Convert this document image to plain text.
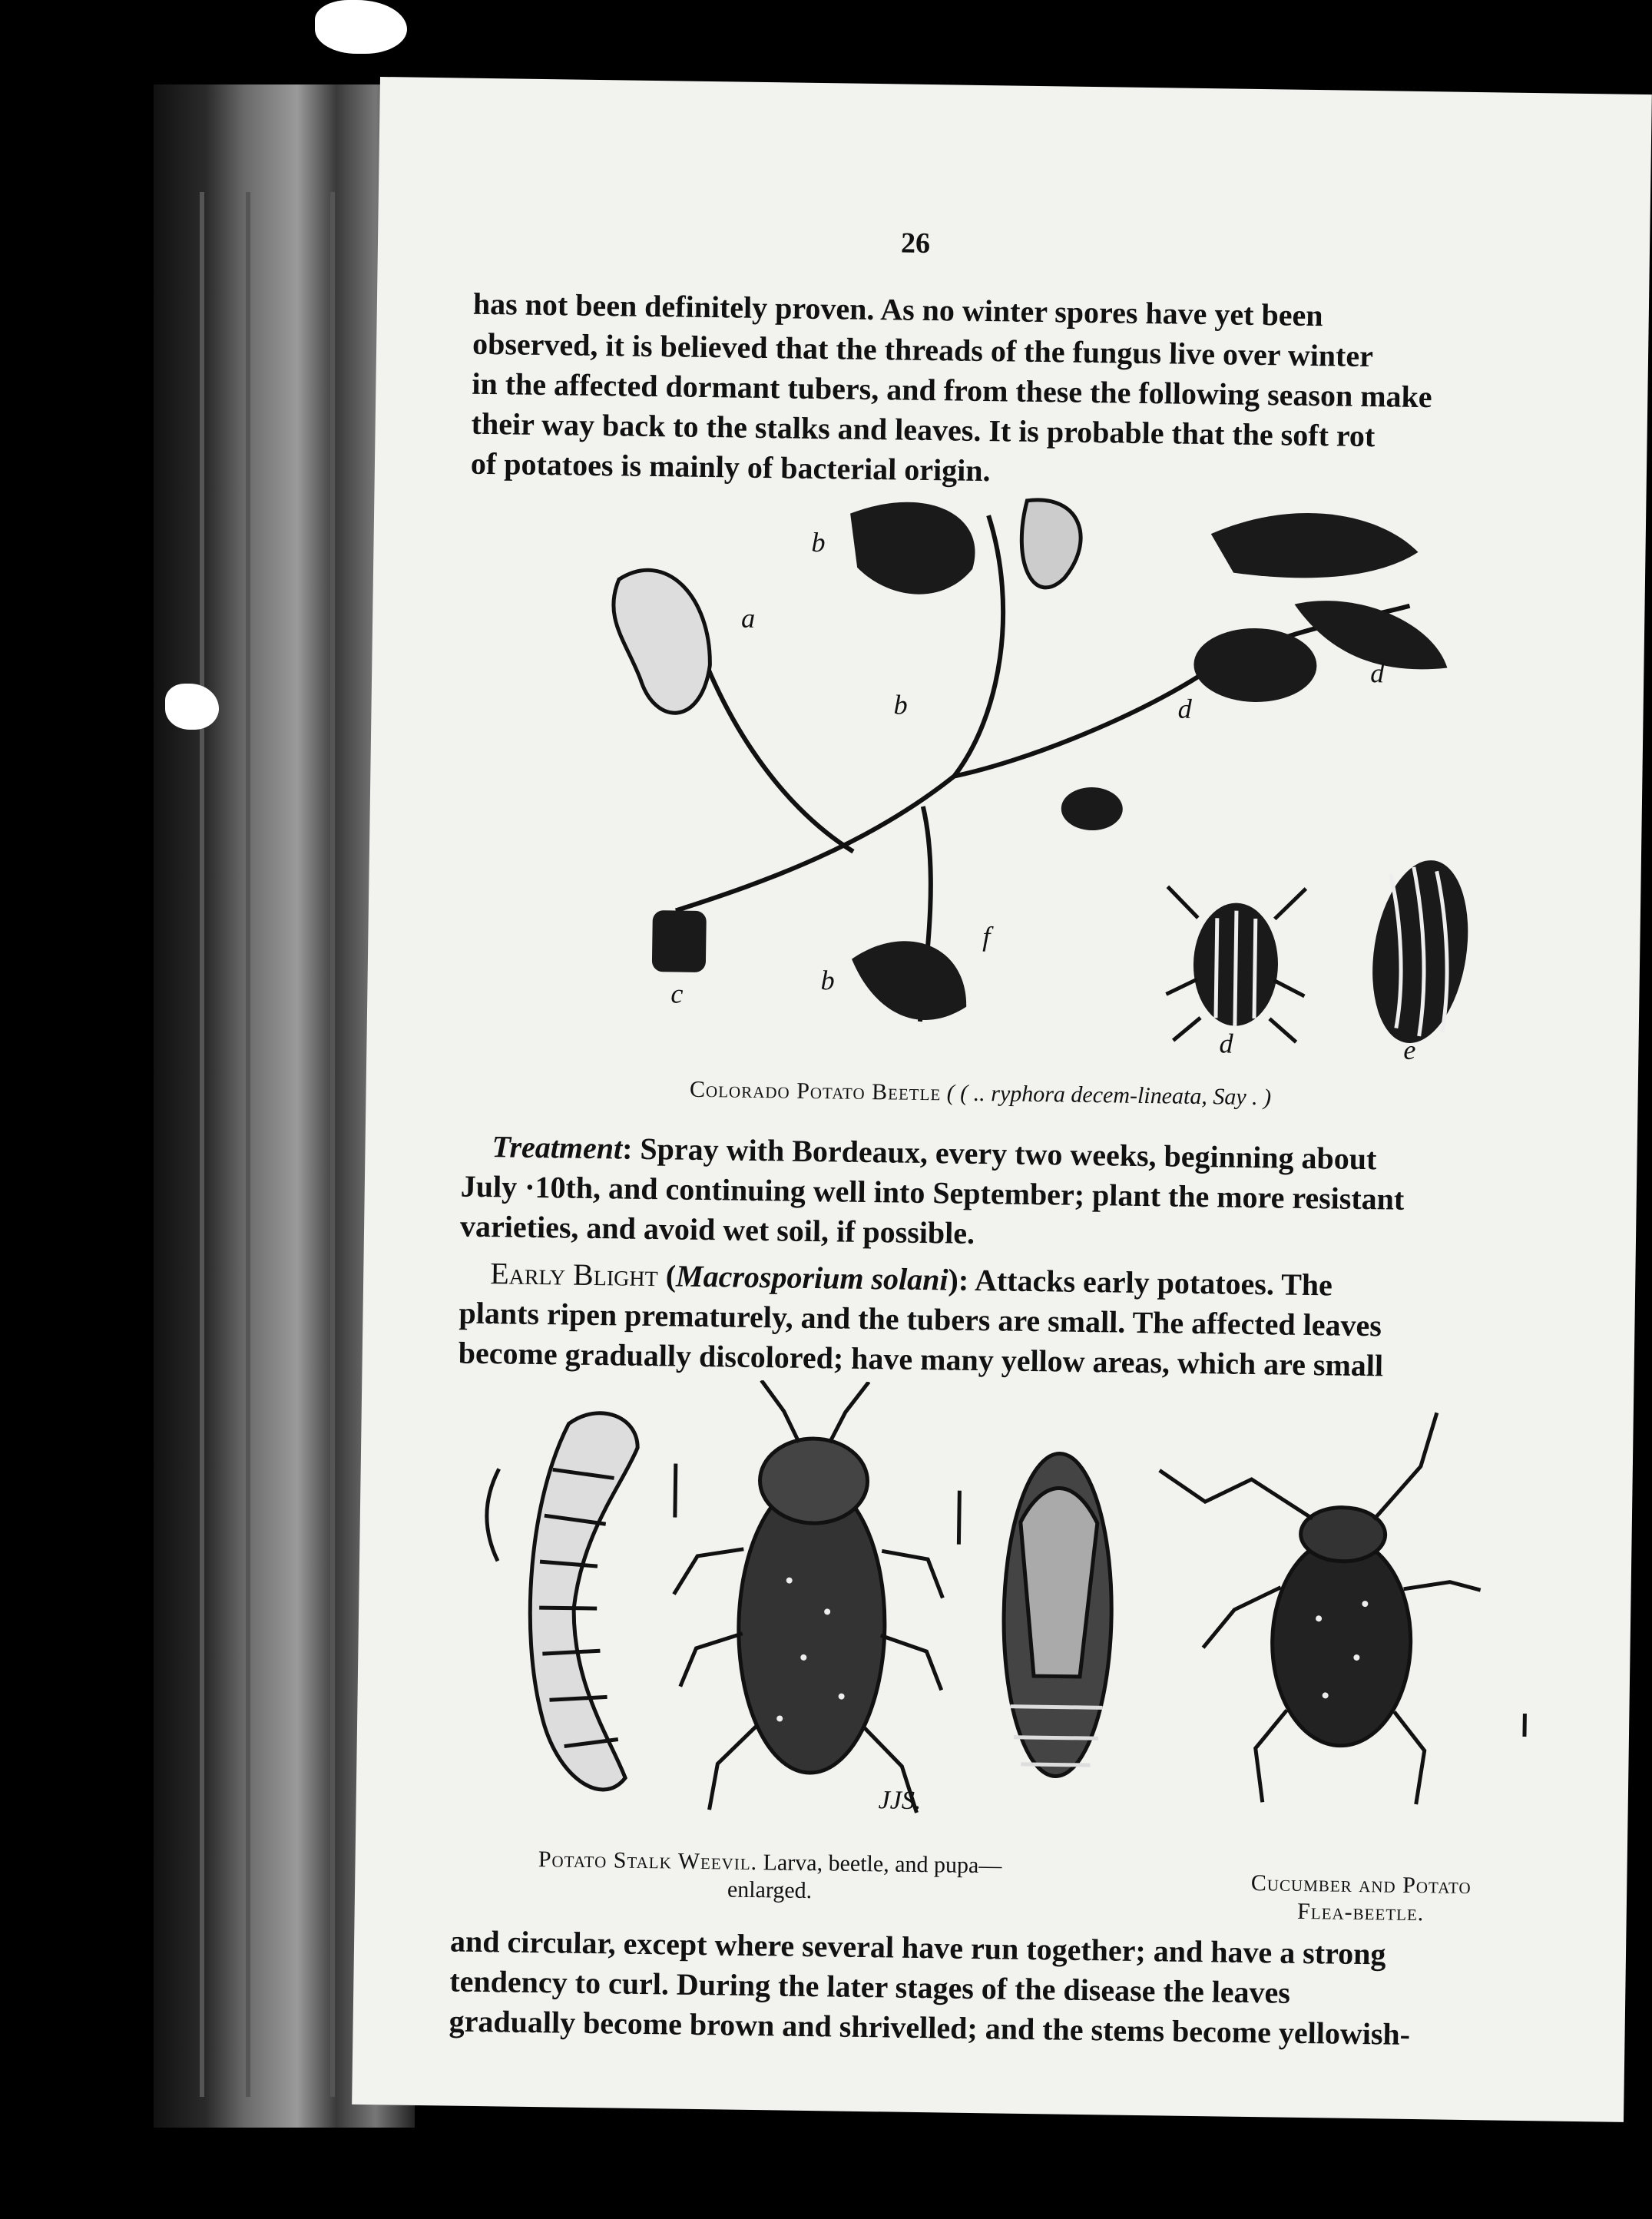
26

has not been definitely proven. As no winter spores have yet been
observed, it is believed that the threads of the fungus live over winter
in the affected dormant tubers, and from these the following season make
their way back to the stalks and leaves. It is probable that the soft rot
of potatoes is mainly of bacterial origin.

a
b
b
b
c
d
d
d	e
f
Colorado Potato Beetle ( ( .. ryphora decem-lineata, Say . )

Treatment: Spray with Bordeaux, every two weeks, beginning about
July ·10th, and continuing well into September; plant the more resistant
varieties, and avoid wet soil, if possible.

Early Blight (Macrosporium solani): Attacks early potatoes. The
plants ripen prematurely, and the tubers are small. The affected leaves
become gradually discolored; have many yellow areas, which are small

JJS.
Potato Stalk Weevil. Larva, beetle, and pupa—
enlarged.	Cucumber and Potato
Flea-beetle.

and circular, except where several have run together; and have a strong
tendency to curl. During the later stages of the disease the leaves
gradually become brown and shrivelled; and the stems become yellowish-
